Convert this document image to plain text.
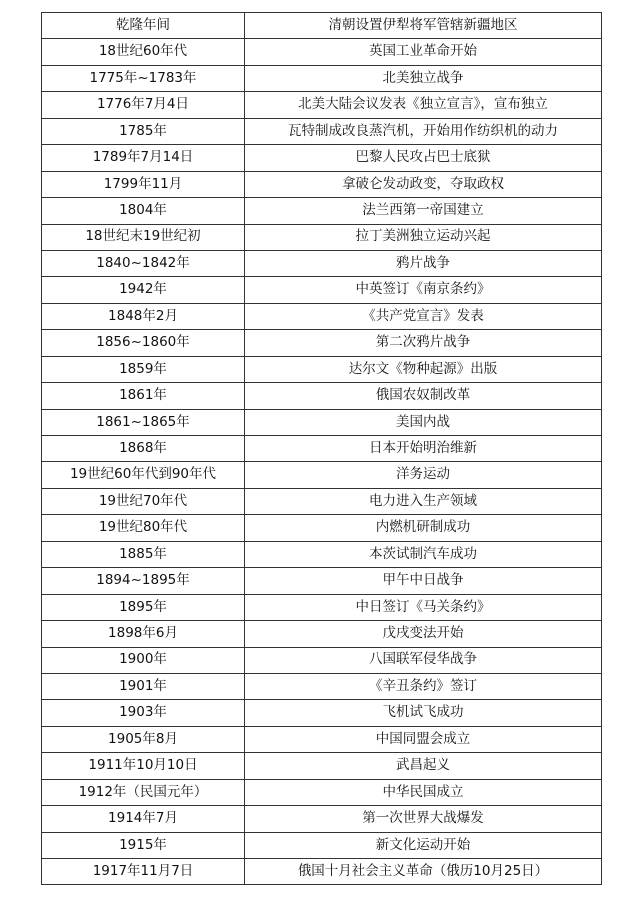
乾隆年间	清朝设置伊犁将军管辖新疆地区
18世纪60年代	英国工业革命开始
1775年~1783年	北美独立战争
1776年7月4日	北美大陆会议发表《独立宣言》，宣布独立
1785年	瓦特制成改良蒸汽机，开始用作纺织机的动力
1789年7月14日	巴黎人民攻占巴士底狱
1799年11月	拿破仑发动政变，夺取政权
1804年	法兰西第一帝国建立
18世纪末19世纪初	拉丁美洲独立运动兴起
1840~1842年	鸦片战争
1942年	中英签订《南京条约》
1848年2月	《共产党宣言》发表
1856~1860年	第二次鸦片战争
1859年	达尔文《物种起源》出版
1861年	俄国农奴制改革
1861~1865年	美国内战
1868年	日本开始明治维新
19世纪60年代到90年代	洋务运动
19世纪70年代	电力进入生产领域
19世纪80年代	内燃机研制成功
1885年	本茨试制汽车成功
1894~1895年	甲午中日战争
1895年	中日签订《马关条约》
1898年6月	戊戌变法开始
1900年	八国联军侵华战争
1901年	《辛丑条约》签订
1903年	飞机试飞成功
1905年8月	中国同盟会成立
1911年10月10日	武昌起义
1912年（民国元年）	中华民国成立
1914年7月	第一次世界大战爆发
1915年	新文化运动开始
1917年11月7日	俄国十月社会主义革命（俄历10月25日）
